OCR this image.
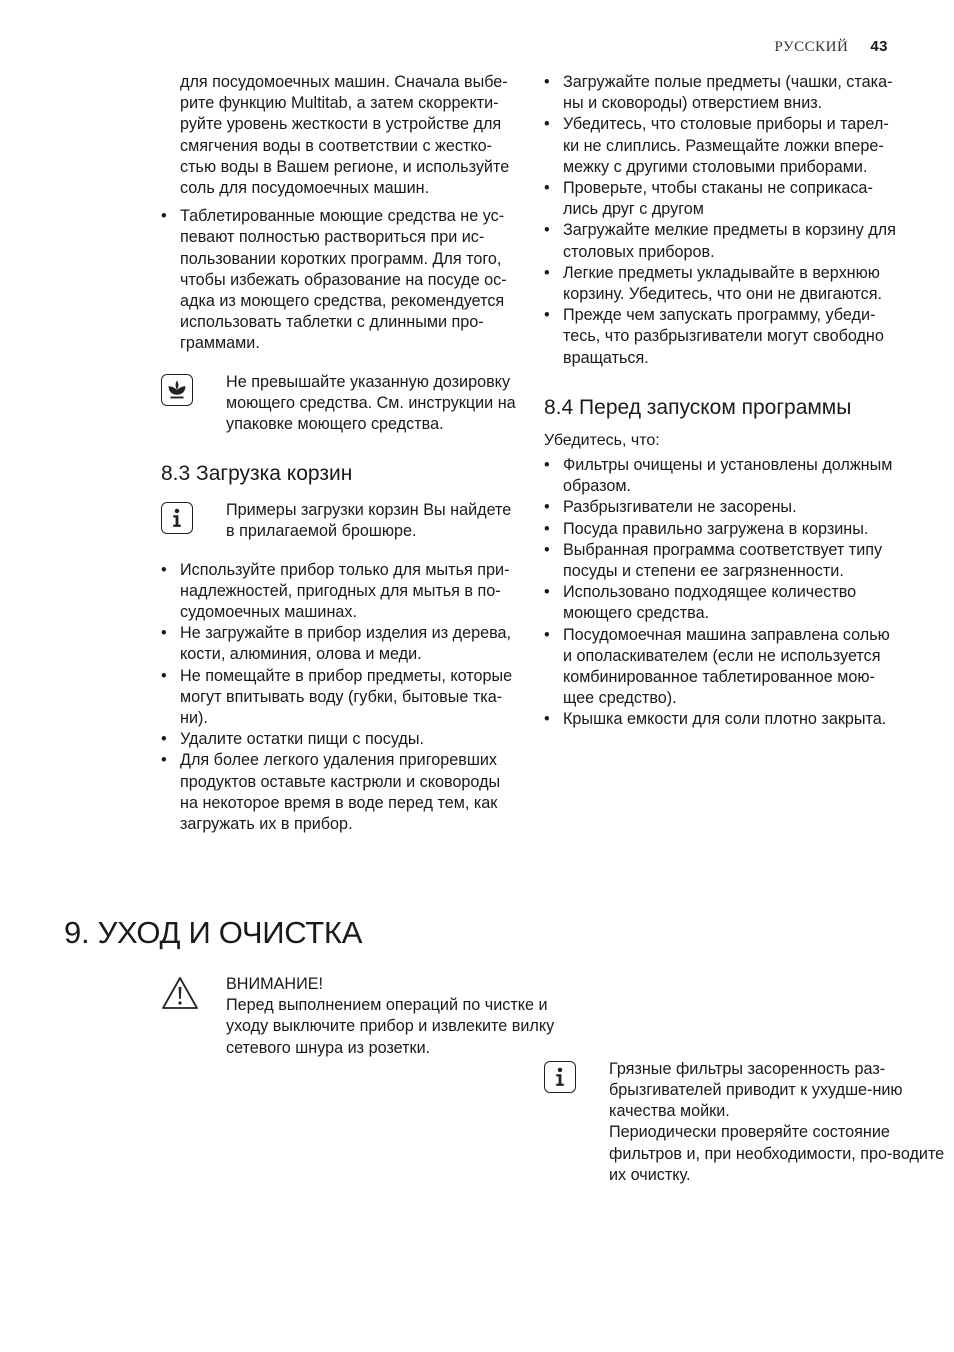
РУССКИЙ 43

для посудомоечных машин. Сначала выбе-рите функцию Multitab, а затем скорректи-руйте уровень жесткости в устройстве для смягчения воды в соответствии с жестко-стью воды в Вашем регионе, и используйте соль для посудомоечных машин.

• Таблетированные моющие средства не ус-певают полностью раствориться при ис-пользовании коротких программ. Для того, чтобы избежать образование на посуде ос-адка из моющего средства, рекомендуется использовать таблетки с длинными про-граммами.

Не превышайте указанную дозировку моющего средства. См. инструкции на упаковке моющего средства.

8.3 Загрузка корзин

Примеры загрузки корзин Вы найдете в прилагаемой брошюре.

• Используйте прибор только для мытья при-надлежностей, пригодных для мытья в по-судомоечных машинах.

• Не загружайте в прибор изделия из дерева, кости, алюминия, олова и меди.

• Не помещайте в прибор предметы, которые могут впитывать воду (губки, бытовые тка-ни).

• Удалите остатки пищи с посуды.

• Для более легкого удаления пригоревших продуктов оставьте кастрюли и сковороды на некоторое время в воде перед тем, как загружать их в прибор.

• Загружайте полые предметы (чашки, стака-ны и сковороды) отверстием вниз.

• Убедитесь, что столовые приборы и тарел-ки не слиплись. Размещайте ложки впере-межку с другими столовыми приборами.

• Проверьте, чтобы стаканы не соприкаса-лись друг с другом

• Загружайте мелкие предметы в корзину для столовых приборов.

• Легкие предметы укладывайте в верхнюю корзину. Убедитесь, что они не двигаются.

• Прежде чем запускать программу, убеди-тесь, что разбрызгиватели могут свободно вращаться.

8.4 Перед запуском программы

Убедитесь, что:

• Фильтры очищены и установлены должным образом.

• Разбрызгиватели не засорены.

• Посуда правильно загружена в корзины.

• Выбранная программа соответствует типу посуды и степени ее загрязненности.

• Использовано подходящее количество моющего средства.

• Посудомоечная машина заправлена солью и ополаскивателем (если не используется комбинированное таблетированное мою-щее средство).

• Крышка емкости для соли плотно закрыта.

9. УХОД И ОЧИСТКА

ВНИМАНИЕ!

Перед выполнением операций по чистке и уходу выключите прибор и извлеките вилку сетевого шнура из розетки.

Грязные фильтры засоренность раз-брызгивателей приводит к ухудше-нию качества мойки.

Периодически проверяйте состояние фильтров и, при необходимости, про-водите их очистку.
